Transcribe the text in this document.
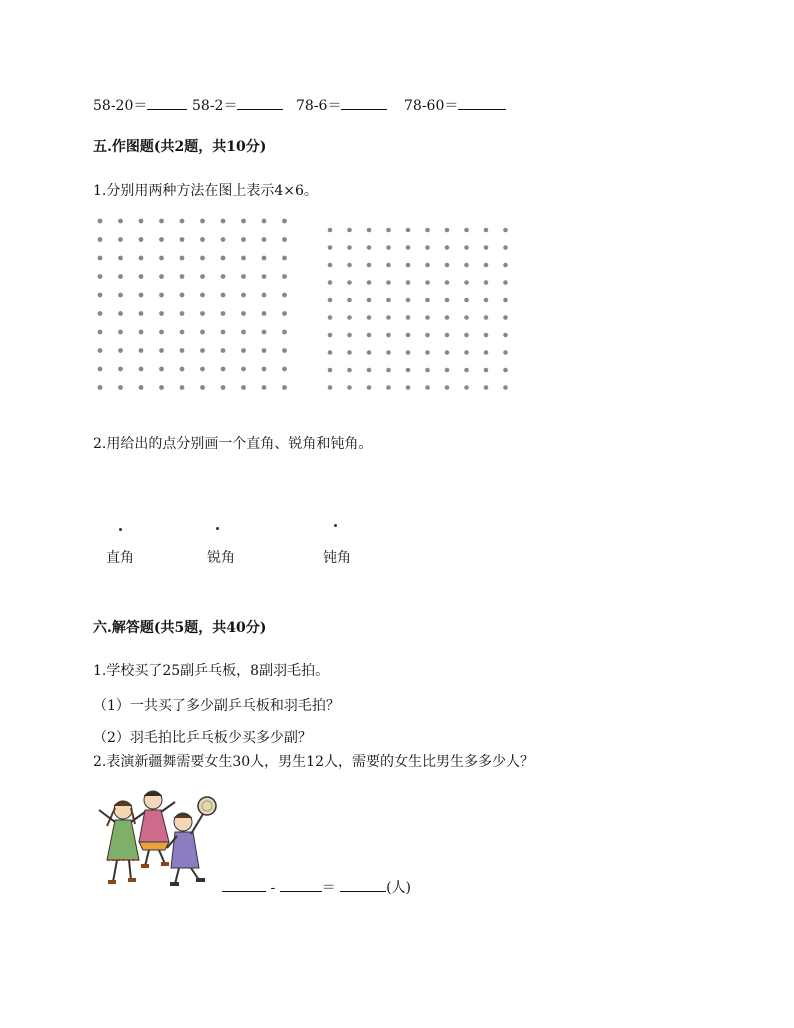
58-20＝	58-2＝	78-6＝	78-60＝
五.作图题(共2题，共10分)
1.分别用两种方法在图上表示4×6。
2.用给出的点分别画一个直角、锐角和钝角。
直角	锐角	钝角
六.解答题(共5题，共40分)
1.学校买了25副乒乓板，8副羽毛拍。
（1）一共买了多少副乒乓板和羽毛拍？
（2）羽毛拍比乒乓板少买多少副？
2.表演新疆舞需要女生30人，男生12人，需要的女生比男生多多少人？
-	＝	(人)
